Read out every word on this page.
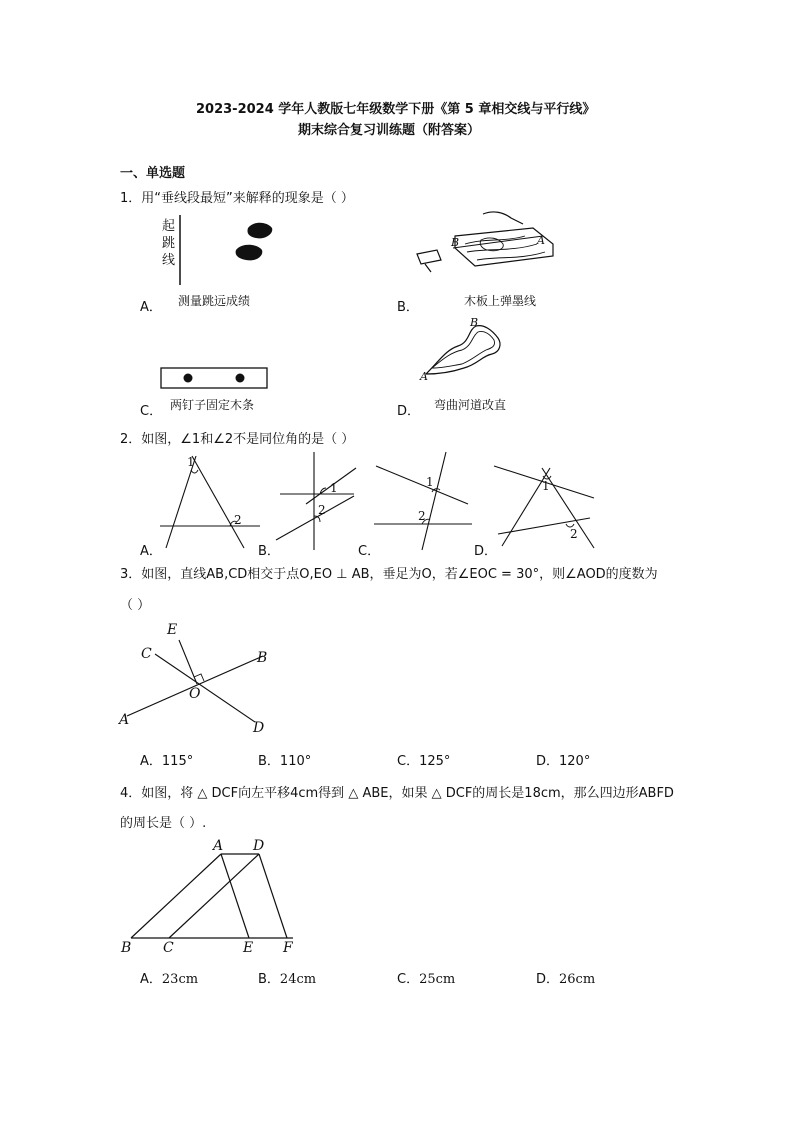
2023-2024 学年人教版七年级数学下册《第 5 章相交线与平行线》
期末综合复习训练题（附答案）
一、单选题
1．用“垂线段最短”来解释的现象是（ ）
起
跳
线
A． 测量跳远成绩
B	A
B．	木板上弹墨线
C． 两钉子固定木条
A
B
D． 弯曲河道改直
2．如图，∠1和∠2不是同位角的是（ ）
1
2
A．
1
2
B．
1
2
C．
1
2
D．
3．如图，直线AB,CD相交于点O,EO ⊥ AB，垂足为O，若∠EOC = 30°，则∠AOD的度数为
（ ）
E
C	B
O
A	D
A．115°	B．110°	C．125°	D．120°
4．如图，将 △ DCF向左平移4cm得到 △ ABE，如果 △ DCF的周长是18cm，那么四边形ABFD
的周长是（ ）.
A D
B C	E F
A．23cm	B．24cm	C．25cm	D．26cm
